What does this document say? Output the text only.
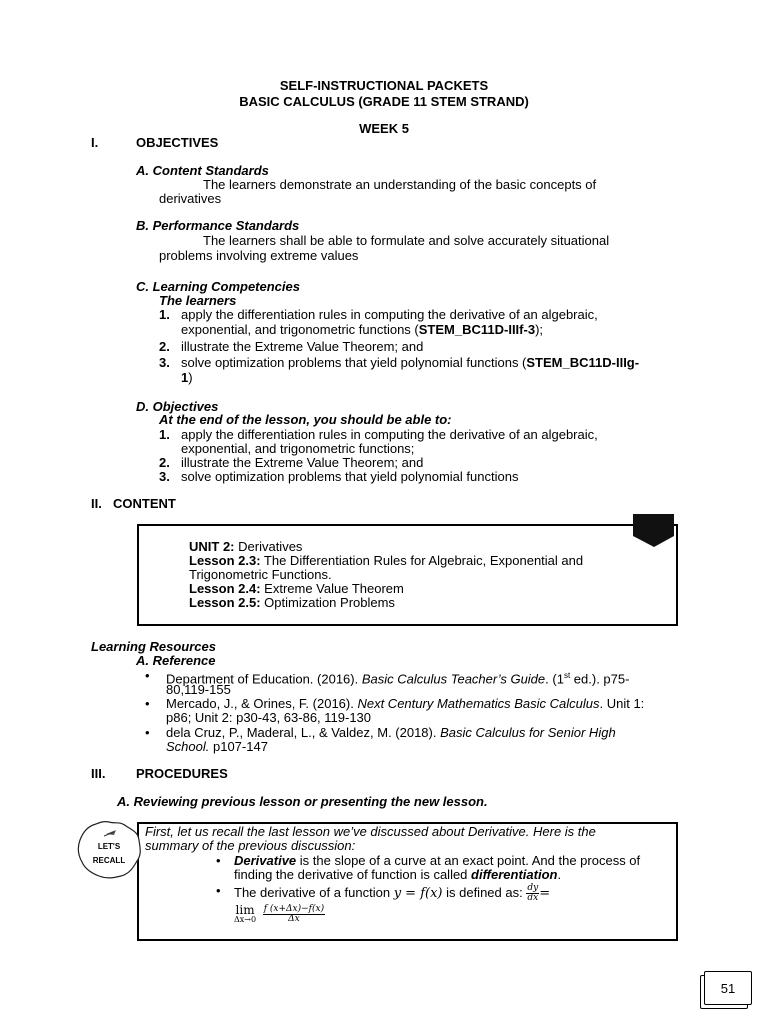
SELF-INSTRUCTIONAL PACKETS
BASIC CALCULUS (GRADE 11 STEM STRAND)
WEEK 5
I.	OBJECTIVES
A. Content Standards
The learners demonstrate an understanding of the basic concepts of
derivatives
B. Performance Standards
The learners shall be able to formulate and solve accurately situational
problems involving extreme values
C. Learning Competencies
The learners
1. apply the differentiation rules in computing the derivative of an algebraic,
exponential, and trigonometric functions (STEM_BC11D-IIIf-3);
2. illustrate the Extreme Value Theorem; and
3. solve optimization problems that yield polynomial functions (STEM_BC11D-IIIg-
1)
D. Objectives
At the end of the lesson, you should be able to:
1. apply the differentiation rules in computing the derivative of an algebraic,
exponential, and trigonometric functions;
2. illustrate the Extreme Value Theorem; and
3. solve optimization problems that yield polynomial functions
II. CONTENT
UNIT 2: Derivatives
Lesson 2.3: The Differentiation Rules for Algebraic, Exponential and
Trigonometric Functions.
Lesson 2.4: Extreme Value Theorem
Lesson 2.5: Optimization Problems
Learning Resources
A. Reference
• Department of Education. (2016). Basic Calculus Teacher’s Guide. (1st ed.). p75-
80,119-155
• Mercado, J., & Orines, F. (2016). Next Century Mathematics Basic Calculus. Unit 1:
p86; Unit 2: p30-43, 63-86, 119-130
• dela Cruz, P., Maderal, L., & Valdez, M. (2018). Basic Calculus for Senior High
School. p107-147
III. PROCEDURES
A. Reviewing previous lesson or presenting the new lesson.
LET'S
RECALL
First, let us recall the last lesson we’ve discussed about Derivative. Here is the
summary of the previous discussion:
• Derivative is the slope of a curve at an exact point. And the process of
finding the derivative of function is called differentiation.
• The derivative of a function y = f(x) is defined as: $\frac{dy}{dx}$ =
lim
Δx→0
$\frac{f (x+\Delta x)-f(x)}{\Delta x}$
51
